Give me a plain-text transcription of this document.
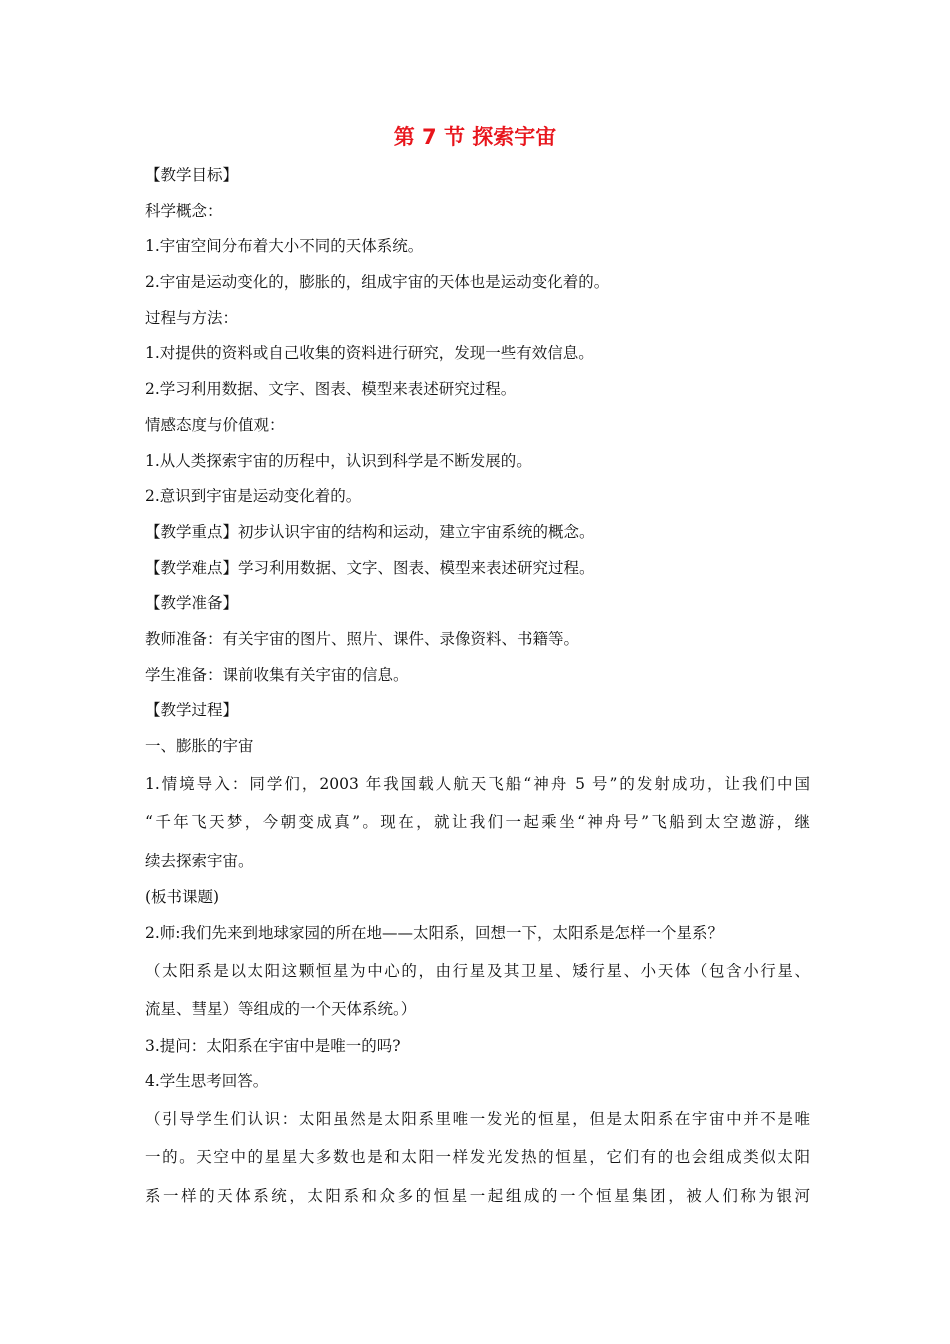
第 7 节 探索宇宙
【教学目标】
科学概念：
1.宇宙空间分布着大小不同的天体系统。
2.宇宙是运动变化的，膨胀的，组成宇宙的天体也是运动变化着的。
过程与方法：
1.对提供的资料或自己收集的资料进行研究，发现一些有效信息。
2.学习利用数据、文字、图表、模型来表述研究过程。
情感态度与价值观：
1.从人类探索宇宙的历程中，认识到科学是不断发展的。
2.意识到宇宙是运动变化着的。
【教学重点】初步认识宇宙的结构和运动，建立宇宙系统的概念。
【教学难点】学习利用数据、文字、图表、模型来表述研究过程。
【教学准备】
教师准备：有关宇宙的图片、照片、课件、录像资料、书籍等。
学生准备：课前收集有关宇宙的信息。
【教学过程】
一、膨胀的宇宙
1.情境导入：同学们，2003 年我国载人航天飞船“神舟 5 号”的发射成功，让我们中国
“千年飞天梦，今朝变成真”。现在，就让我们一起乘坐“神舟号”飞船到太空遨游，继
续去探索宇宙。
(板书课题)
2.师:我们先来到地球家园的所在地——太阳系，回想一下，太阳系是怎样一个星系？
（太阳系是以太阳这颗恒星为中心的，由行星及其卫星、矮行星、小天体（包含小行星、
流星、彗星）等组成的一个天体系统。）
3.提问：太阳系在宇宙中是唯一的吗?
4.学生思考回答。
（引导学生们认识：太阳虽然是太阳系里唯一发光的恒星，但是太阳系在宇宙中并不是唯
一的。天空中的星星大多数也是和太阳一样发光发热的恒星，它们有的也会组成类似太阳
系一样的天体系统，太阳系和众多的恒星一起组成的一个恒星集团，被人们称为银河
